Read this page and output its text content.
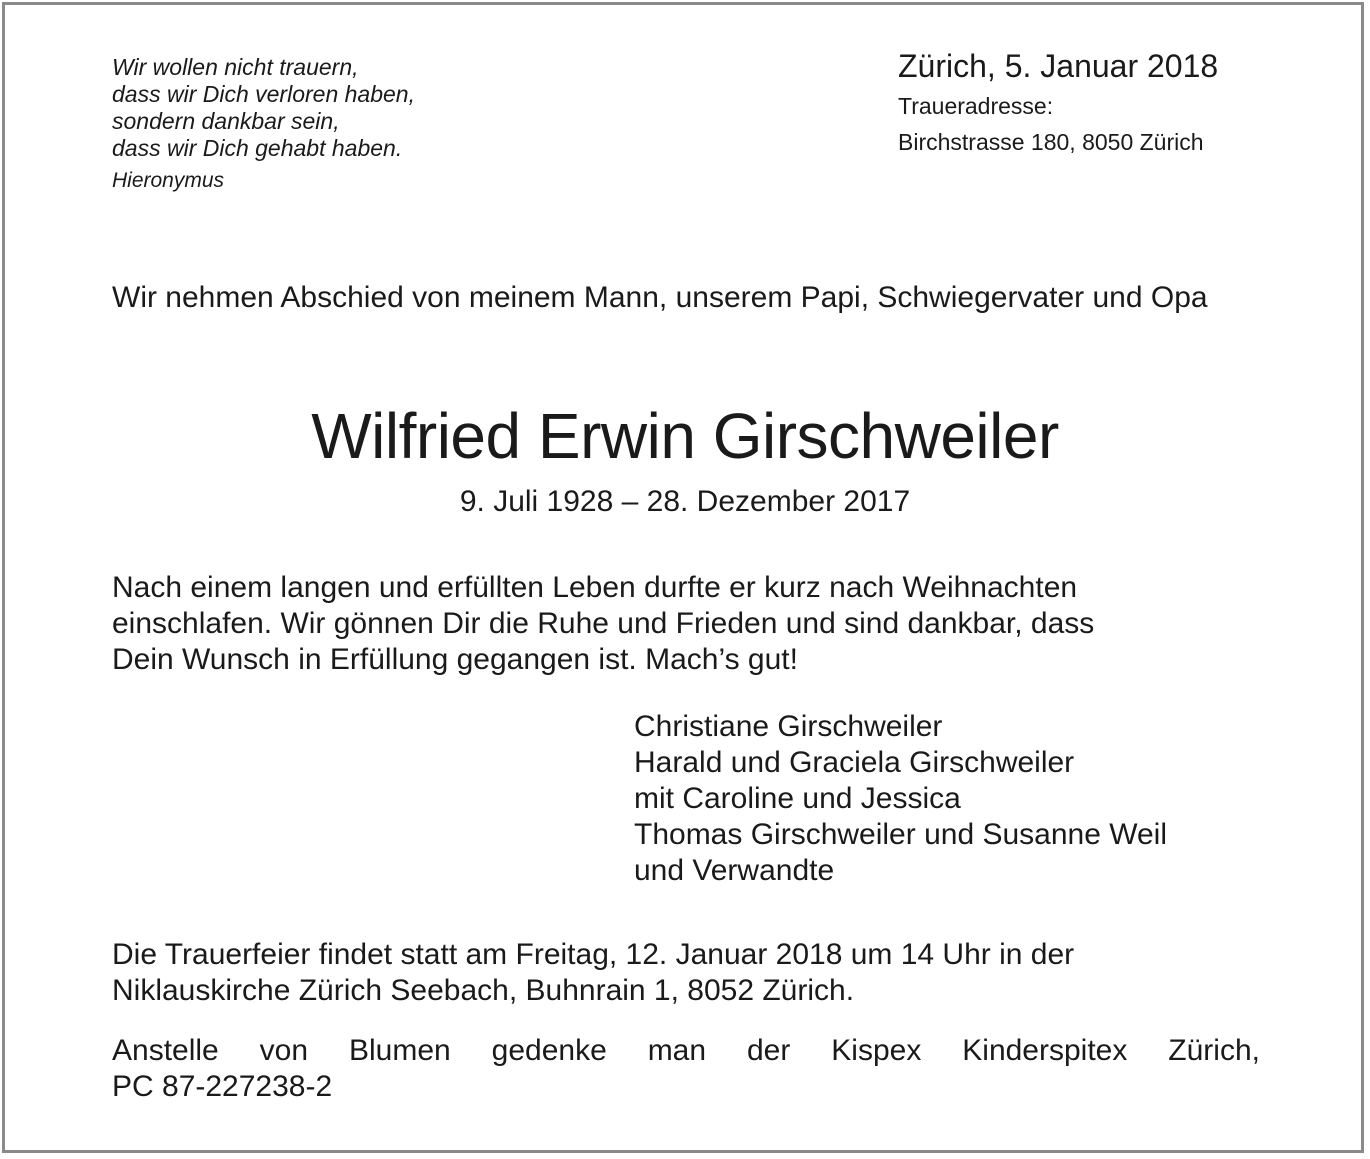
Wir wollen nicht trauern,
dass wir Dich verloren haben,
sondern dankbar sein,
dass wir Dich gehabt haben.
Hieronymus
Zürich, 5. Januar 2018
Traueradresse:
Birchstrasse 180, 8050 Zürich
Wir nehmen Abschied von meinem Mann, unserem Papi, Schwiegervater und Opa
Wilfried Erwin Girschweiler
9. Juli 1928 – 28. Dezember 2017
Nach einem langen und erfüllten Leben durfte er kurz nach Weihnachten
einschlafen. Wir gönnen Dir die Ruhe und Frieden und sind dankbar, dass
Dein Wunsch in Erfüllung gegangen ist. Mach’s gut!
Christiane Girschweiler
Harald und Graciela Girschweiler
mit Caroline und Jessica
Thomas Girschweiler und Susanne Weil
und Verwandte
Die Trauerfeier findet statt am Freitag, 12. Januar 2018 um 14 Uhr in der
Niklauskirche Zürich Seebach, Buhnrain 1, 8052 Zürich.
Anstelle von Blumen gedenke man der Kispex Kinderspitex Zürich,
PC 87-227238-2
